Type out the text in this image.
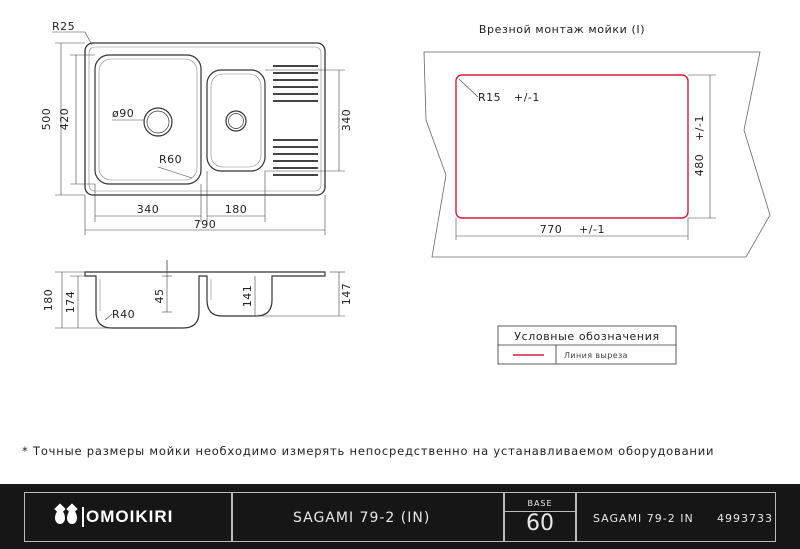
R25
500 420	ø90
R60
340
340	180
790
180 174
R40
45	141	147
Врезной монтаж мойки (I)
R15 +/-1
480
+/-1
770 +/-1
Условные обозначения
Линия выреза
* Точные размеры мойки необходимо измерять непосредственно на устанавливаемом оборудовании
OMOIKIRI	SAGAMI 79-2 (IN)
BASE
60	SAGAMI 79-2 IN 4993733
